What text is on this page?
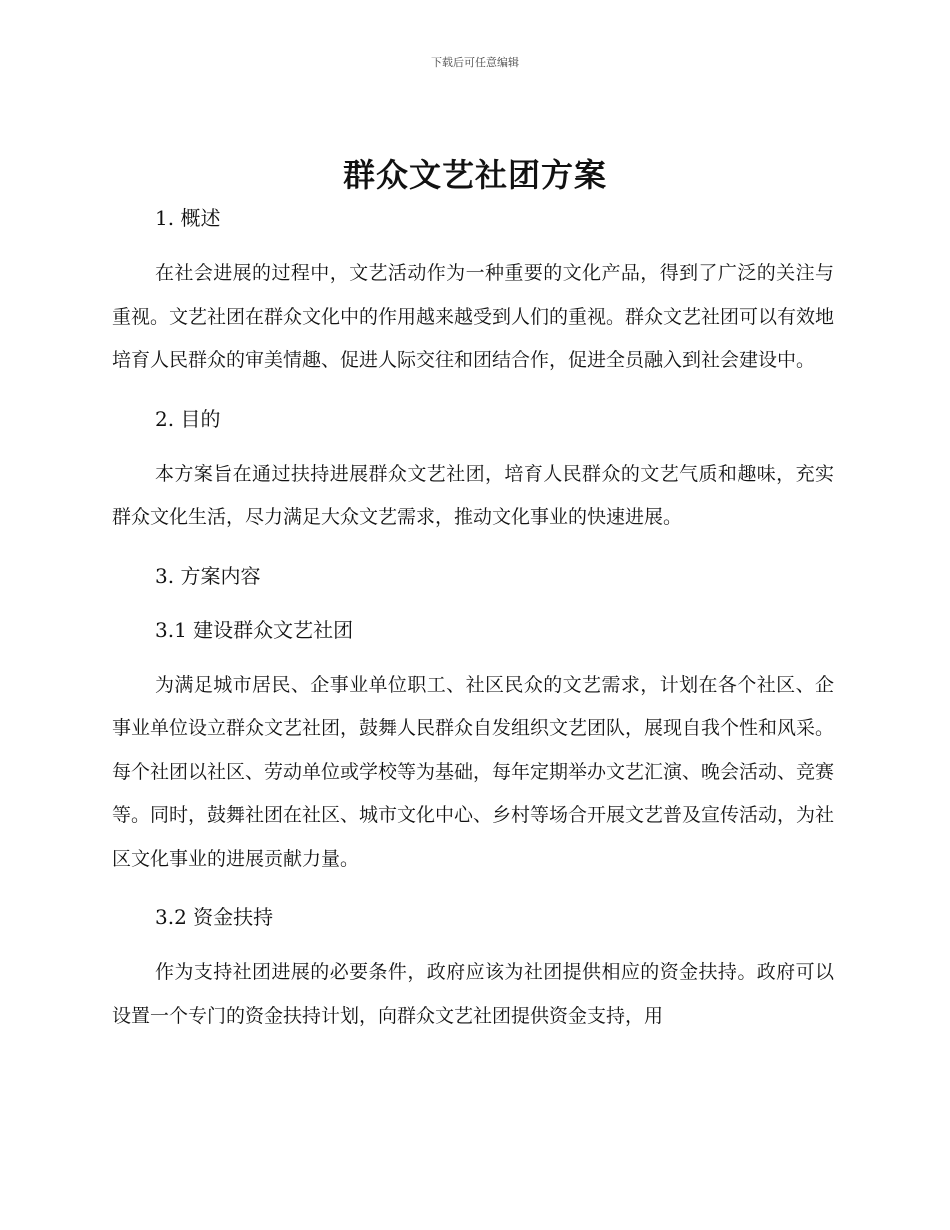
下载后可任意编辑
群众文艺社团方案
1. 概述

在社会进展的过程中，文艺活动作为一种重要的文化产品，得到了广泛的关注与重视。文艺社团在群众文化中的作用越来越受到人们的重视。群众文艺社团可以有效地培育人民群众的审美情趣、促进人际交往和团结合作，促进全员融入到社会建设中。

2. 目的

本方案旨在通过扶持进展群众文艺社团，培育人民群众的文艺气质和趣味，充实群众文化生活，尽力满足大众文艺需求，推动文化事业的快速进展。

3. 方案内容
3.1 建设群众文艺社团

为满足城市居民、企事业单位职工、社区民众的文艺需求，计划在各个社区、企事业单位设立群众文艺社团，鼓舞人民群众自发组织文艺团队，展现自我个性和风采。每个社团以社区、劳动单位或学校等为基础，每年定期举办文艺汇演、晚会活动、竞赛等。同时，鼓舞社团在社区、城市文化中心、乡村等场合开展文艺普及宣传活动，为社区文化事业的进展贡献力量。

3.2 资金扶持

作为支持社团进展的必要条件，政府应该为社团提供相应的资金扶持。政府可以设置一个专门的资金扶持计划，向群众文艺社团提供资金支持，用
